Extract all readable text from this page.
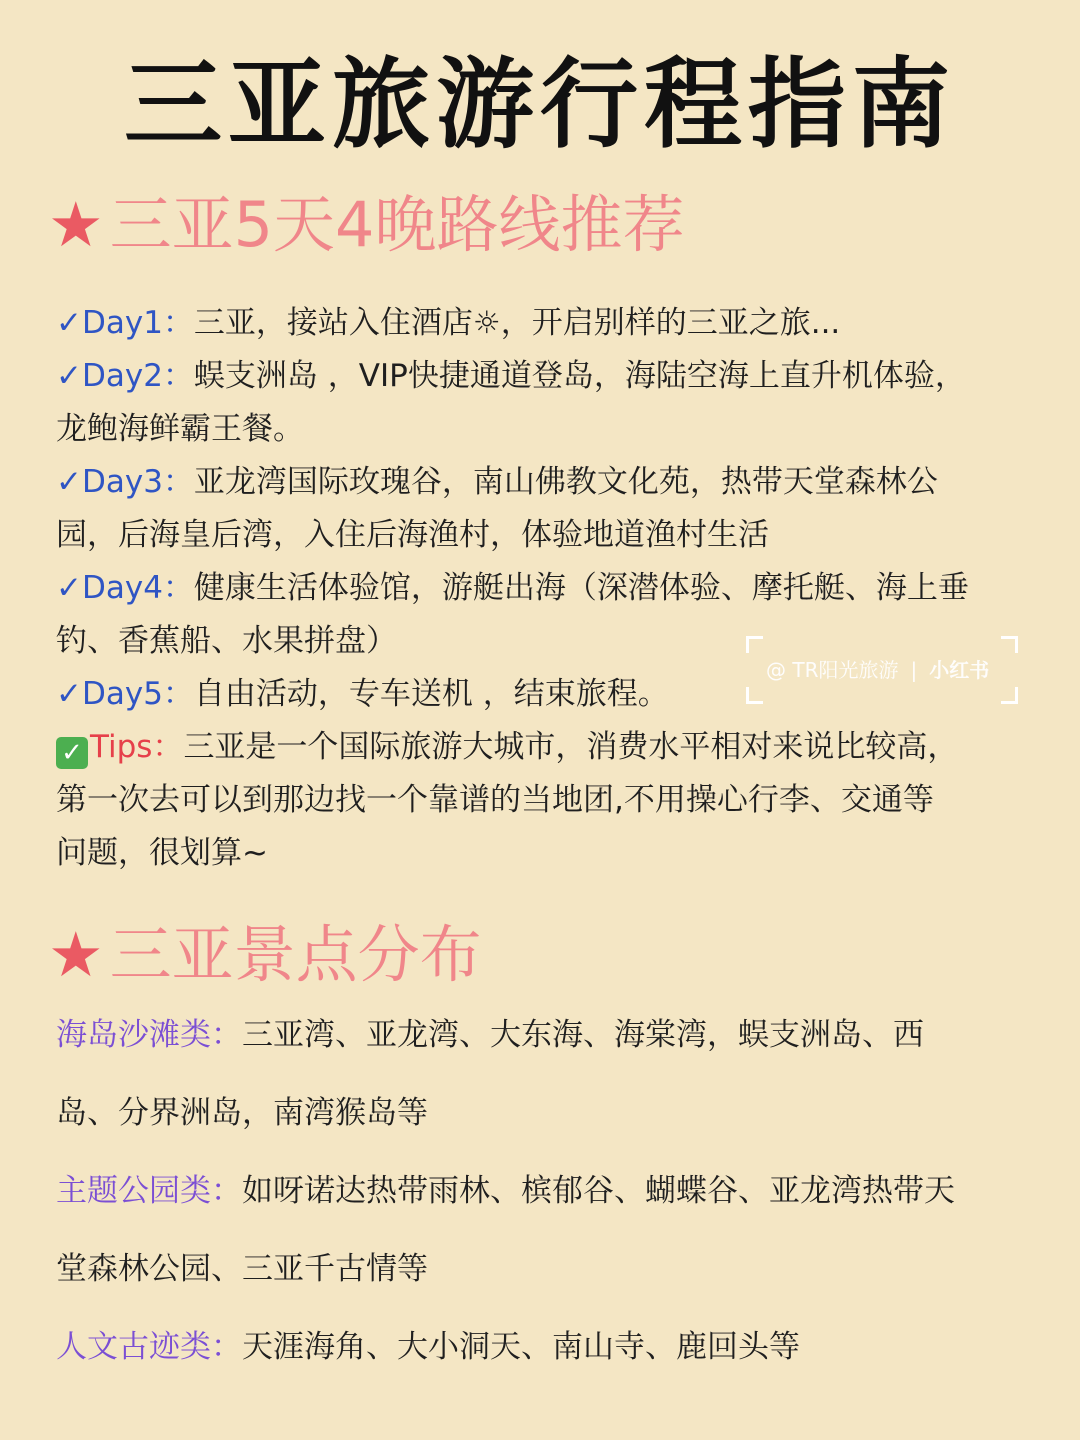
三亚旅游行程指南
★三亚5天4晚路线推荐
✓Day1：三亚，接站入住酒店☼，开启别样的三亚之旅...
✓Day2：蜈支洲岛 ，VIP快捷通道登岛，海陆空海上直升机体验，
龙鲍海鲜霸王餐。
✓Day3：亚龙湾国际玫瑰谷，南山佛教文化苑，热带天堂森林公
园，后海皇后湾，入住后海渔村，体验地道渔村生活
✓Day4：健康生活体验馆，游艇出海（深潜体验、摩托艇、海上垂
钓、香蕉船、水果拼盘）
✓Day5：自由活动，专车送机 ，结束旅程。
✓ Tips：三亚是一个国际旅游大城市，消费水平相对来说比较高，
第一次去可以到那边找一个靠谱的当地团,不用操心行李、交通等
问题，很划算~
@ TR阳光旅游 | 小红书
★三亚景点分布
海岛沙滩类：三亚湾、亚龙湾、大东海、海棠湾，蜈支洲岛、西
岛、分界洲岛，南湾猴岛等
主题公园类：如呀诺达热带雨林、槟郁谷、蝴蝶谷、亚龙湾热带天
堂森林公园、三亚千古情等
人文古迹类：天涯海角、大小洞天、南山寺、鹿回头等
